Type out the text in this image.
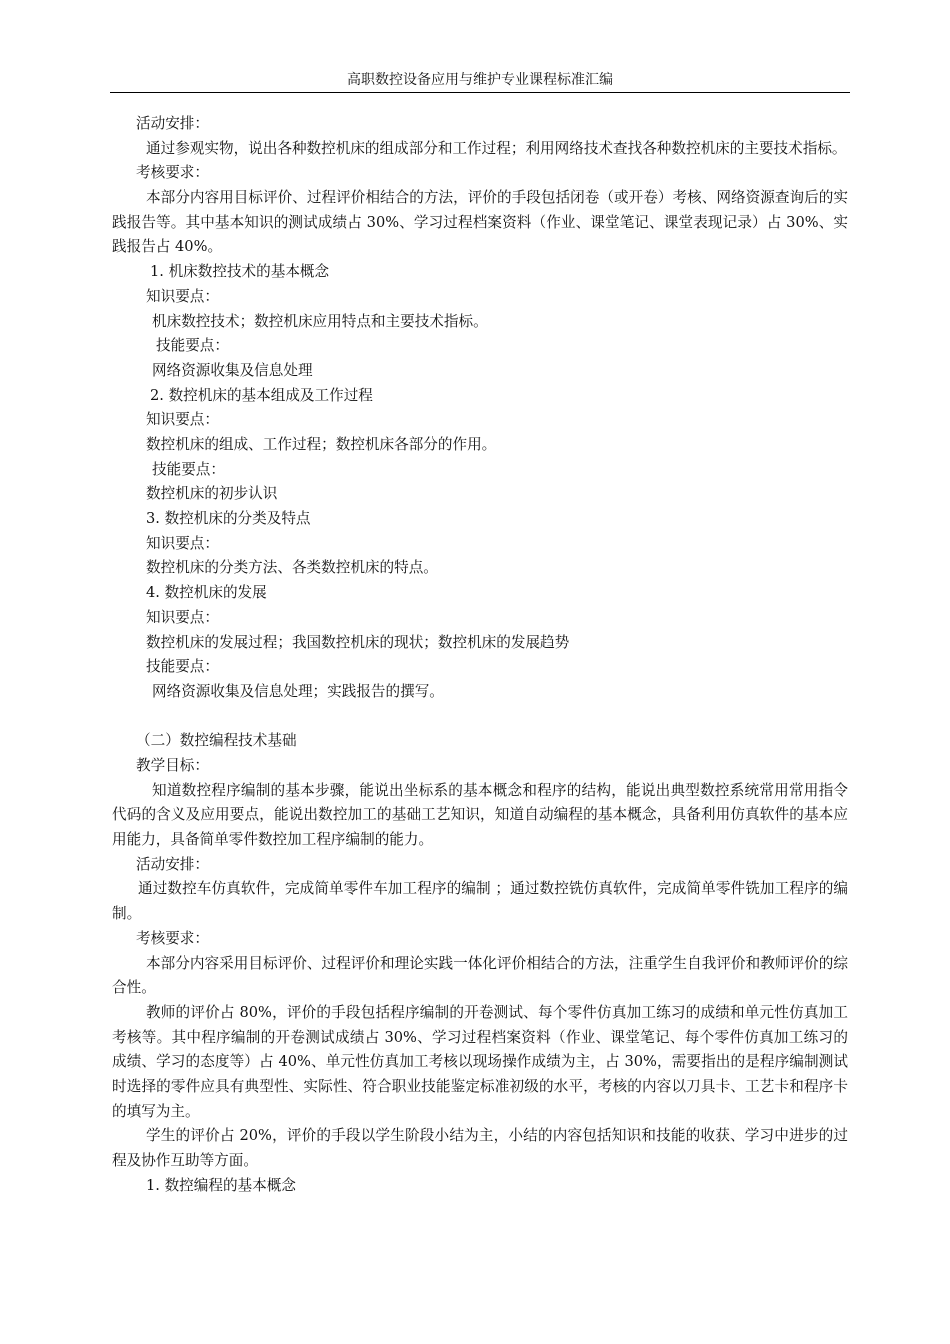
高职数控设备应用与维护专业课程标准汇编
活动安排：
通过参观实物，说出各种数控机床的组成部分和工作过程；利用网络技术查找各种数控机床的主要技术指标。
考核要求：
本部分内容用目标评价、过程评价相结合的方法，评价的手段包括闭卷（或开卷）考核、网络资源查询后的实践报告等。其中基本知识的测试成绩占 30%、学习过程档案资料（作业、课堂笔记、课堂表现记录）占 30%、实践报告占 40%。
1. 机床数控技术的基本概念
知识要点：
机床数控技术；数控机床应用特点和主要技术指标。
技能要点：
网络资源收集及信息处理
2. 数控机床的基本组成及工作过程
知识要点：
数控机床的组成、工作过程；数控机床各部分的作用。
技能要点：
数控机床的初步认识
3. 数控机床的分类及特点
知识要点：
数控机床的分类方法、各类数控机床的特点。
4. 数控机床的发展
知识要点：
数控机床的发展过程；我国数控机床的现状；数控机床的发展趋势
技能要点：
网络资源收集及信息处理；实践报告的撰写。
（二）数控编程技术基础
教学目标：
知道数控程序编制的基本步骤，能说出坐标系的基本概念和程序的结构，能说出典型数控系统常用常用指令代码的含义及应用要点，能说出数控加工的基础工艺知识，知道自动编程的基本概念，具备利用仿真软件的基本应用能力，具备简单零件数控加工程序编制的能力。
活动安排：
通过数控车仿真软件，完成简单零件车加工程序的编制 ；通过数控铣仿真软件，完成简单零件铣加工程序的编制。
考核要求：
本部分内容采用目标评价、过程评价和理论实践一体化评价相结合的方法，注重学生自我评价和教师评价的综合性。
教师的评价占 80%，评价的手段包括程序编制的开卷测试、每个零件仿真加工练习的成绩和单元性仿真加工考核等。其中程序编制的开卷测试成绩占 30%、学习过程档案资料（作业、课堂笔记、每个零件仿真加工练习的成绩、学习的态度等）占 40%、单元性仿真加工考核以现场操作成绩为主，占 30%，需要指出的是程序编制测试时选择的零件应具有典型性、实际性、符合职业技能鉴定标准初级的水平，考核的内容以刀具卡、工艺卡和程序卡的填写为主。
学生的评价占 20%，评价的手段以学生阶段小结为主，小结的内容包括知识和技能的收获、学习中进步的过程及协作互助等方面。
1. 数控编程的基本概念
